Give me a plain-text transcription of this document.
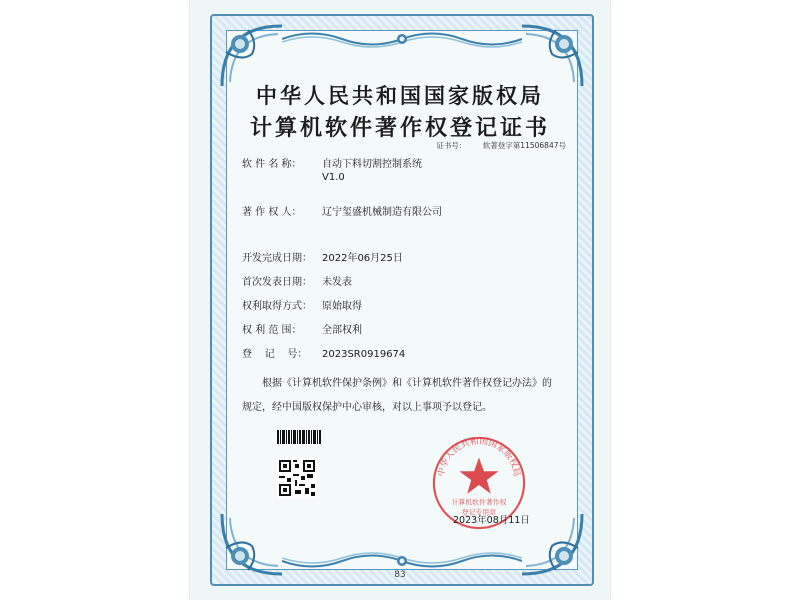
中华人民共和国国家版权局
计算机软件著作权登记证书
证书号： 软著登字第11506847号
软 件 名 称： 自动下料切割控制系统
V1.0
著 作 权 人： 辽宁玺盛机械制造有限公司
开发完成日期： 2022年06月25日
首次发表日期： 未发表
权利取得方式： 原始取得
权 利 范 围： 全部权利
登    记    号： 2023SR0919674
根据《计算机软件保护条例》和《计算机软件著作权登记办法》的
规定，经中国版权保护中心审核，对以上事项予以登记。
中华人民共和国国家版权局
计算机软件著作权
登记专用章
2023年08月11日
83
